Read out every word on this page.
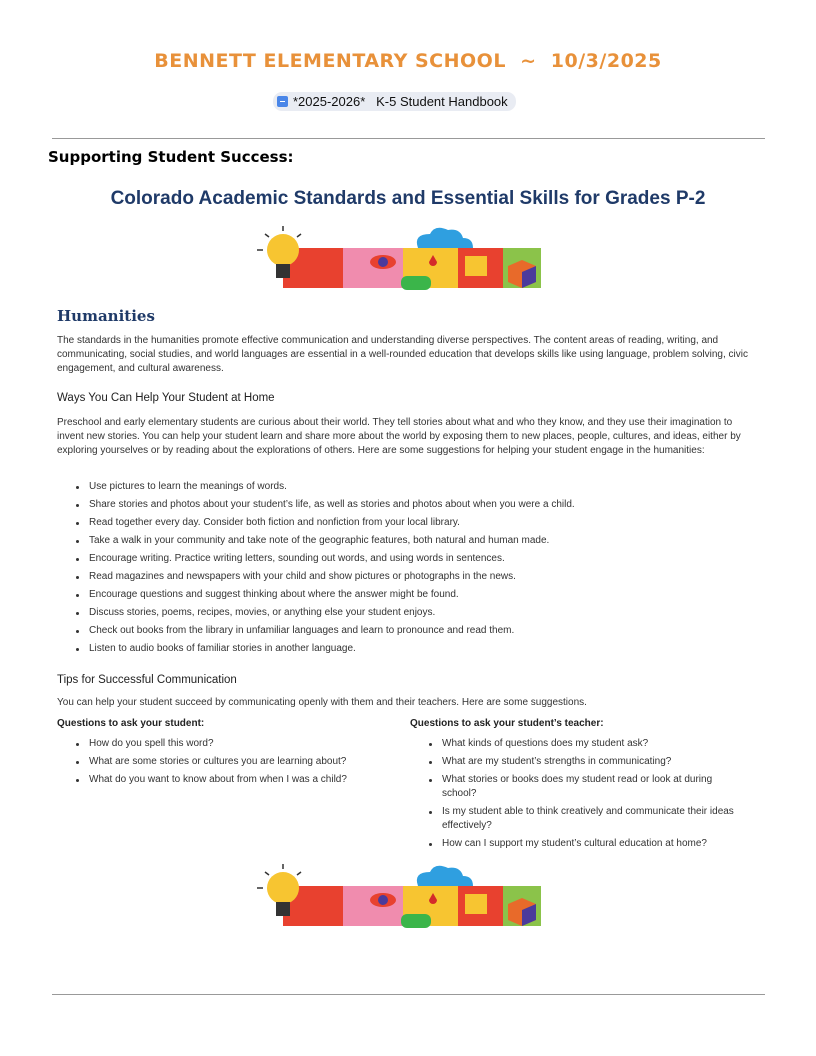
BENNETT ELEMENTARY SCHOOL  ~  10/3/2025
*2025-2026*   K-5 Student Handbook
Supporting Student Success:
Colorado Academic Standards and Essential Skills for Grades P-2
Humanities
The standards in the humanities promote effective communication and understanding diverse perspectives. The content areas of reading, writing, and communicating, social studies, and world languages are essential in a well-rounded education that develops skills like using language, problem solving, civic engagement, and cultural awareness.
Ways You Can Help Your Student at Home
Preschool and early elementary students are curious about their world. They tell stories about what and who they know, and they use their imagination to invent new stories. You can help your student learn and share more about the world by exposing them to new places, people, cultures, and ideas, either by exploring yourselves or by reading about the explorations of others. Here are some suggestions for helping your student engage in the humanities:
Use pictures to learn the meanings of words.
Share stories and photos about your student’s life, as well as stories and photos about when you were a child.
Read together every day. Consider both fiction and nonfiction from your local library.
Take a walk in your community and take note of the geographic features, both natural and human made.
Encourage writing. Practice writing letters, sounding out words, and using words in sentences.
Read magazines and newspapers with your child and show pictures or photographs in the news.
Encourage questions and suggest thinking about where the answer might be found.
Discuss stories, poems, recipes, movies, or anything else your student enjoys.
Check out books from the library in unfamiliar languages and learn to pronounce and read them.
Listen to audio books of familiar stories in another language.
Tips for Successful Communication
You can help your student succeed by communicating openly with them and their teachers. Here are some suggestions.
Questions to ask your student:
How do you spell this word?
What are some stories or cultures you are learning about?
What do you want to know about from when I was a child?
Questions to ask your student’s teacher:
What kinds of questions does my student ask?
What are my student’s strengths in communicating?
What stories or books does my student read or look at during school?
Is my student able to think creatively and communicate their ideas effectively?
How can I support my student’s cultural education at home?
